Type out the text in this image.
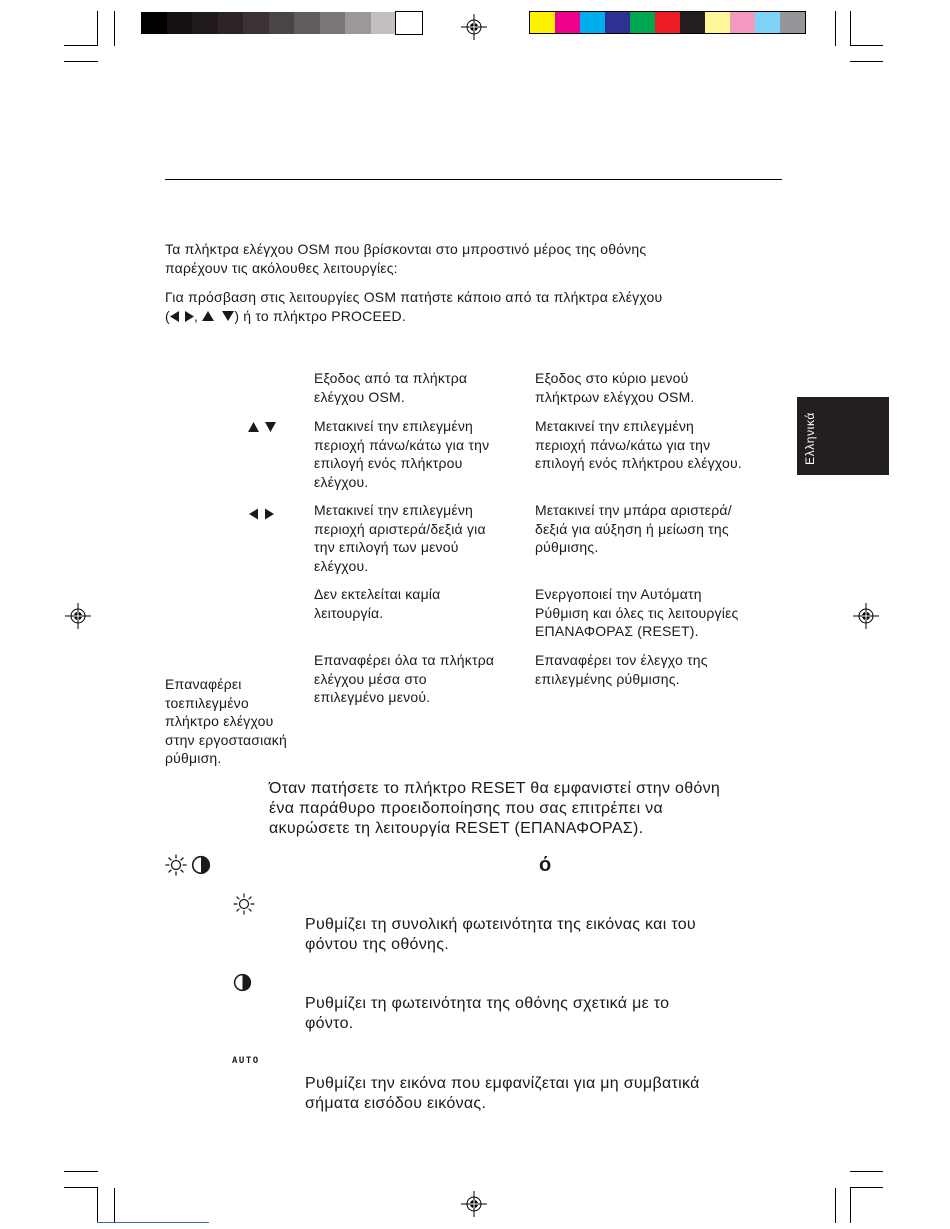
Ελληνικά
Τα πλήκτρα ελέγχου OSM που βρίσκονται στο μπροστινό μέρος της οθόνης
παρέχουν τις ακόλουθες λειτουργίες:
Για πρόσβαση στις λειτουργίες OSM πατήστε κάποιο από τα πλήκτρα ελέγχου
( ,   ) ή το πλήκτρο PROCEED.
Εξοδος από τα πλήκτρα
ελέγχου OSM.
Εξοδος στο κύριο μενού
πλήκτρων ελέγχου OSM.
Μετακινεί την επιλεγμένη
περιοχή πάνω/κάτω για την
επιλογή ενός πλήκτρου
ελέγχου.
Μετακινεί την επιλεγμένη
περιοχή πάνω/κάτω για την
επιλογή ενός πλήκτρου ελέγχου.
Μετακινεί την επιλεγμένη
περιοχή αριστερά/δεξιά για
την επιλογή των μενού
ελέγχου.
Μετακινεί την μπάρα αριστερά/
δεξιά για αύξηση ή μείωση της
ρύθμισης.
Δεν εκτελείται καμία
λειτουργία.
Ενεργοποιεί την Αυτόματη
Ρύθμιση και όλες τις λειτουργίες
ΕΠΑΝΑΦΟΡΑΣ (RESET).
Επαναφέρει
τοεπιλεγμένο
πλήκτρο ελέγχου
στην εργοστασιακή
ρύθμιση.
Επαναφέρει όλα τα πλήκτρα
ελέγχου μέσα στο
επιλεγμένο μενού.
Επαναφέρει τον έλεγχο της
επιλεγμένης ρύθμισης.
Όταν πατήσετε το πλήκτρο RESET θα εμφανιστεί στην οθόνη
ένα παράθυρο προειδοποίησης που σας επιτρέπει να
ακυρώσετε τη λειτουργία RESET (ΕΠΑΝΑΦΟΡΑΣ).
ό
Ρυθμίζει τη συνολική φωτεινότητα της εικόνας και του
φόντου της οθόνης.
Ρυθμίζει τη φωτεινότητα της οθόνης σχετικά με το
φόντο.
AUTO
Ρυθμίζει την εικόνα που εμφανίζεται για μη συμβατικά
σήματα εισόδου εικόνας.
